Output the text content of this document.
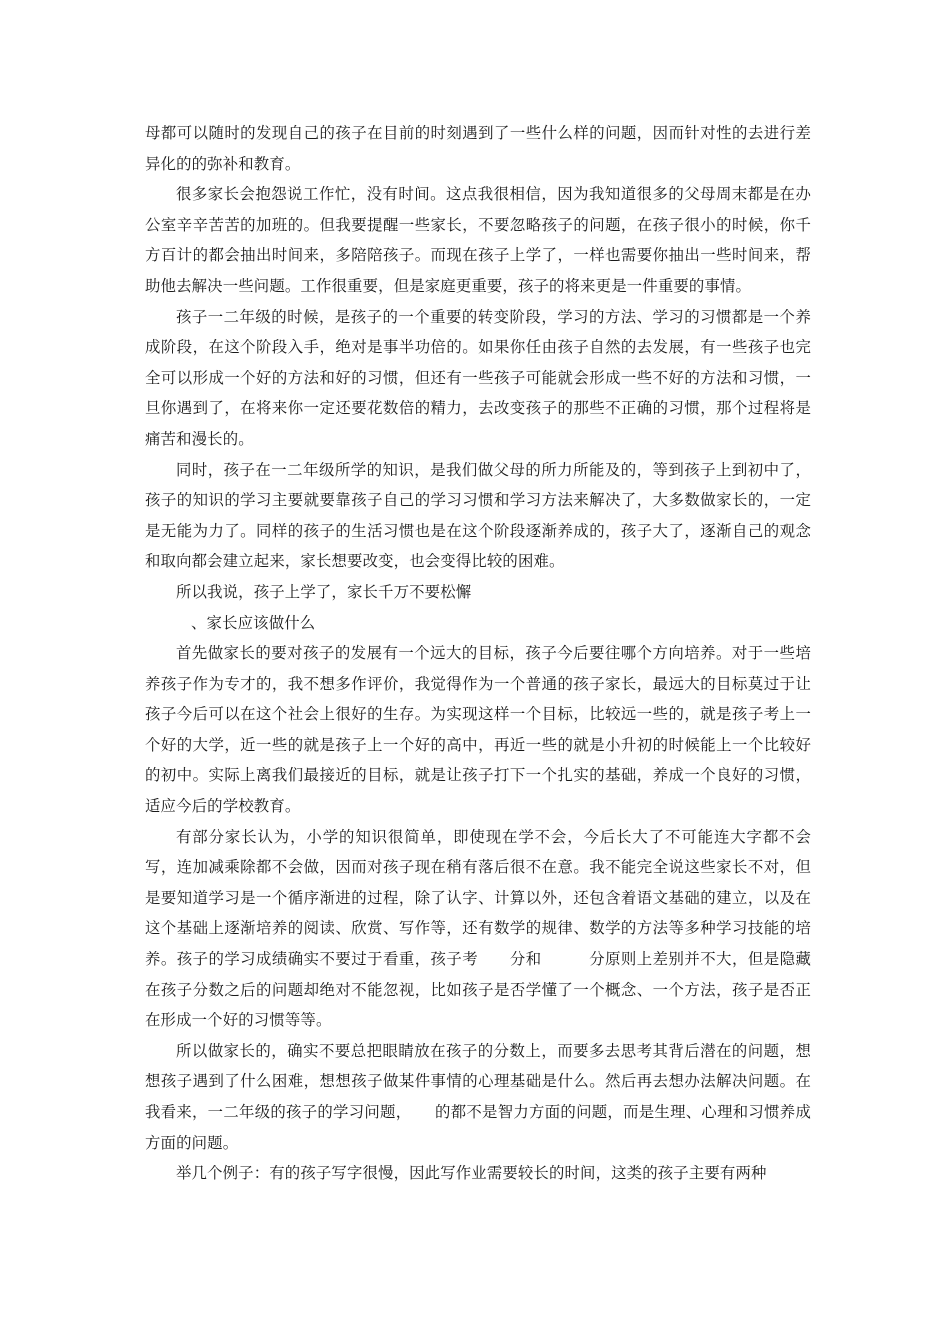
母都可以随时的发现自己的孩子在目前的时刻遇到了一些什么样的问题，因而针对性的去进行差异化的的弥补和教育。

很多家长会抱怨说工作忙，没有时间。这点我很相信，因为我知道很多的父母周末都是在办公室辛辛苦苦的加班的。但我要提醒一些家长，不要忽略孩子的问题，在孩子很小的时候，你千方百计的都会抽出时间来，多陪陪孩子。而现在孩子上学了，一样也需要你抽出一些时间来，帮助他去解决一些问题。工作很重要，但是家庭更重要，孩子的将来更是一件重要的事情。

孩子一二年级的时候，是孩子的一个重要的转变阶段，学习的方法、学习的习惯都是一个养成阶段，在这个阶段入手，绝对是事半功倍的。如果你任由孩子自然的去发展，有一些孩子也完全可以形成一个好的方法和好的习惯，但还有一些孩子可能就会形成一些不好的方法和习惯，一旦你遇到了，在将来你一定还要花数倍的精力，去改变孩子的那些不正确的习惯，那个过程将是痛苦和漫长的。

同时，孩子在一二年级所学的知识，是我们做父母的所力所能及的，等到孩子上到初中了，孩子的知识的学习主要就要靠孩子自己的学习习惯和学习方法来解决了，大多数做家长的，一定是无能为力了。同样的孩子的生活习惯也是在这个阶段逐渐养成的，孩子大了，逐渐自己的观念和取向都会建立起来，家长想要改变，也会变得比较的困难。

所以我说，孩子上学了，家长千万不要松懈

、家长应该做什么

首先做家长的要对孩子的发展有一个远大的目标，孩子今后要往哪个方向培养。对于一些培养孩子作为专才的，我不想多作评价，我觉得作为一个普通的孩子家长，最远大的目标莫过于让孩子今后可以在这个社会上很好的生存。为实现这样一个目标，比较远一些的，就是孩子考上一个好的大学，近一些的就是孩子上一个好的高中，再近一些的就是小升初的时候能上一个比较好的初中。实际上离我们最接近的目标，就是让孩子打下一个扎实的基础，养成一个良好的习惯，适应今后的学校教育。

有部分家长认为，小学的知识很简单，即使现在学不会，今后长大了不可能连大字都不会写，连加减乘除都不会做，因而对孩子现在稍有落后很不在意。我不能完全说这些家长不对，但是要知道学习是一个循序渐进的过程，除了认字、计算以外，还包含着语文基础的建立，以及在这个基础上逐渐培养的阅读、欣赏、写作等，还有数学的规律、数学的方法等多种学习技能的培养。孩子的学习成绩确实不要过于看重，孩子考　　分和　　　分原则上差别并不大，但是隐藏在孩子分数之后的问题却绝对不能忽视，比如孩子是否学懂了一个概念、一个方法，孩子是否正在形成一个好的习惯等等。

所以做家长的，确实不要总把眼睛放在孩子的分数上，而要多去思考其背后潜在的问题，想想孩子遇到了什么困难，想想孩子做某件事情的心理基础是什么。然后再去想办法解决问题。在我看来，一二年级的孩子的学习问题，　　的都不是智力方面的问题，而是生理、心理和习惯养成方面的问题。

举几个例子：有的孩子写字很慢，因此写作业需要较长的时间，这类的孩子主要有两种
